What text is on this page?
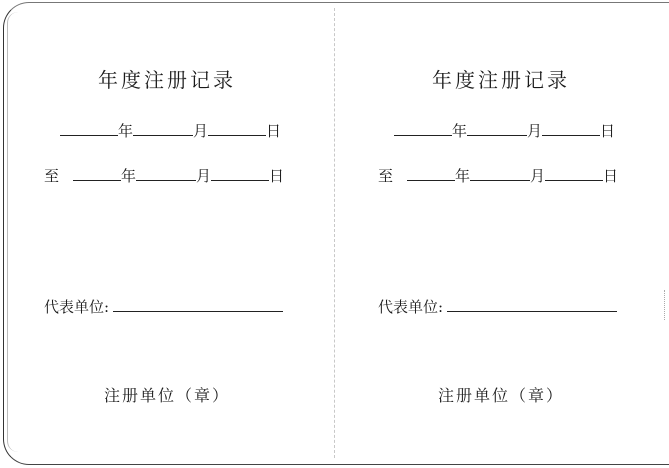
年度注册记录
年	月	日
至	年	月	日
代表单位:
注册单位（章）
年度注册记录
年	月	日
至	年	月	日
代表单位:
注册单位（章）
